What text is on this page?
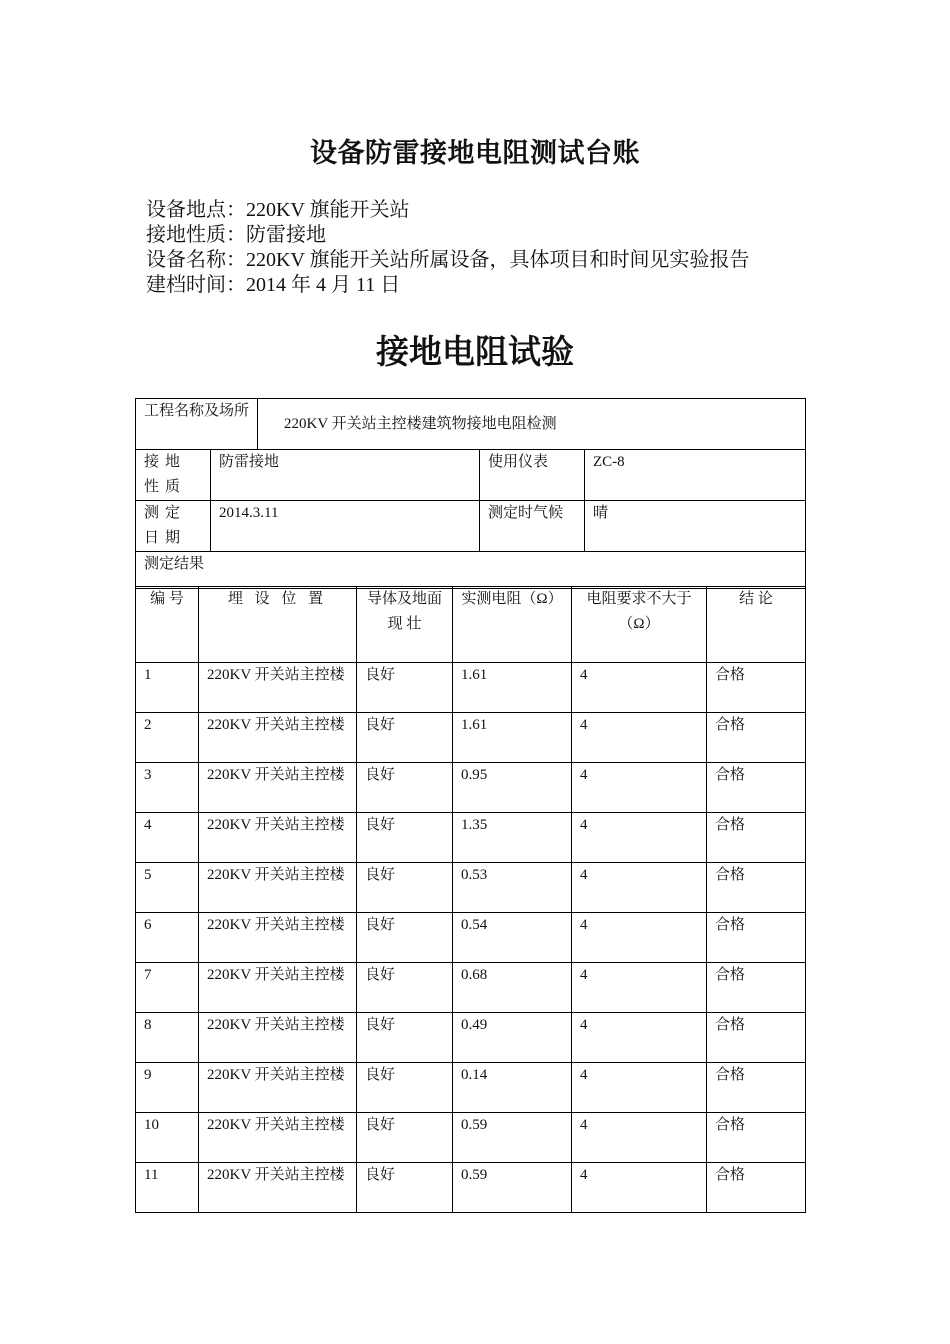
设备防雷接地电阻测试台账
设备地点：220KV 旗能开关站
接地性质：防雷接地
设备名称：220KV 旗能开关站所属设备，具体项目和时间见实验报告
建档时间：2014 年 4 月 11 日
接地电阻试验
工程名称及场所	220KV 开关站主控楼建筑物接地电阻检测
接地性质	防雷接地	使用仪表	ZC-8
测定日期	2014.3.11	测定时气候	晴
测定结果			
编 号	埋 设 位 置	导体及地面现 壮	实测电阻（Ω）	电阻要求不大于（Ω）	结 论
1	220KV 开关站主控楼	良好	1.61	4	合格
2	220KV 开关站主控楼	良好	1.61	4	合格
3	220KV 开关站主控楼	良好	0.95	4	合格
4	220KV 开关站主控楼	良好	1.35	4	合格
5	220KV 开关站主控楼	良好	0.53	4	合格
6	220KV 开关站主控楼	良好	0.54	4	合格
7	220KV 开关站主控楼	良好	0.68	4	合格
8	220KV 开关站主控楼	良好	0.49	4	合格
9	220KV 开关站主控楼	良好	0.14	4	合格
10	220KV 开关站主控楼	良好	0.59	4	合格
11	220KV 开关站主控楼	良好	0.59	4	合格
